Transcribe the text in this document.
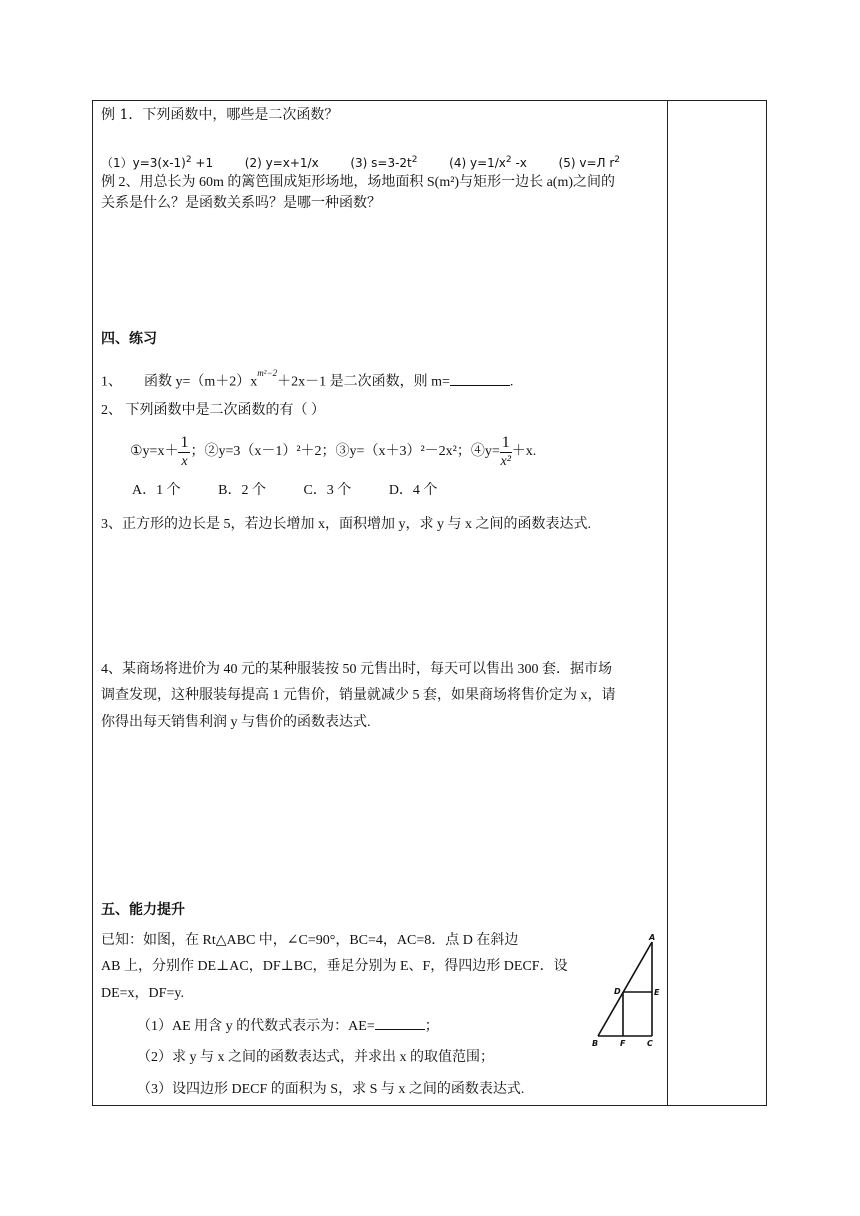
例 1．下列函数中，哪些是二次函数？
$(1)y=3(x-1)^2 +1$	(2) y=x+1/x	(3) $s=3-2t^2$	(4) $y=1/x^2$ -x	(5) v=Л $r^2$
例 2、用总长为 60m 的篱笆围成矩形场地，场地面积 S(m²)与矩形一边长 a(m)之间的
关系是什么？是函数关系吗？是哪一种函数？
四、练习
1、 函数 $y=(m+2)x^{m^2-2}+2x-1$ 是二次函数，则 m=	.
2、 下列函数中是二次函数的有（ ）
①y=x＋ $\frac{1}{x}$ ；②y=3（x－1）²＋2；③y=（x＋3）²－2x²；④y= $\frac{1}{\text{x²}} +x$.
A．1 个	B．2 个	C．3 个	D．4 个
3、正方形的边长是 5，若边长增加 x，面积增加 y，求 y 与 x 之间的函数表达式.
4、某商场将进价为 40 元的某种服装按 50 元售出时，每天可以售出 300 套．据市场
调查发现，这种服装每提高 1 元售价，销量就减少 5 套，如果商场将售价定为 x，请
你得出每天销售利润 y 与售价的函数表达式.
五、能力提升
已知：如图，在 Rt△ABC 中，∠C=90°，BC=4，AC=8．点 D 在斜边
AB 上，分别作 DE⊥AC，DF⊥BC，垂足分别为 E、F，得四边形 DECF．设
DE=x，DF=y.
（1）AE 用含 y 的代数式表示为：AE=	；
（2）求 y 与 x 之间的函数表达式，并求出 x 的取值范围；
（3）设四边形 DECF 的面积为 S，求 S 与 x 之间的函数表达式.
A
B	C
D	E
F
